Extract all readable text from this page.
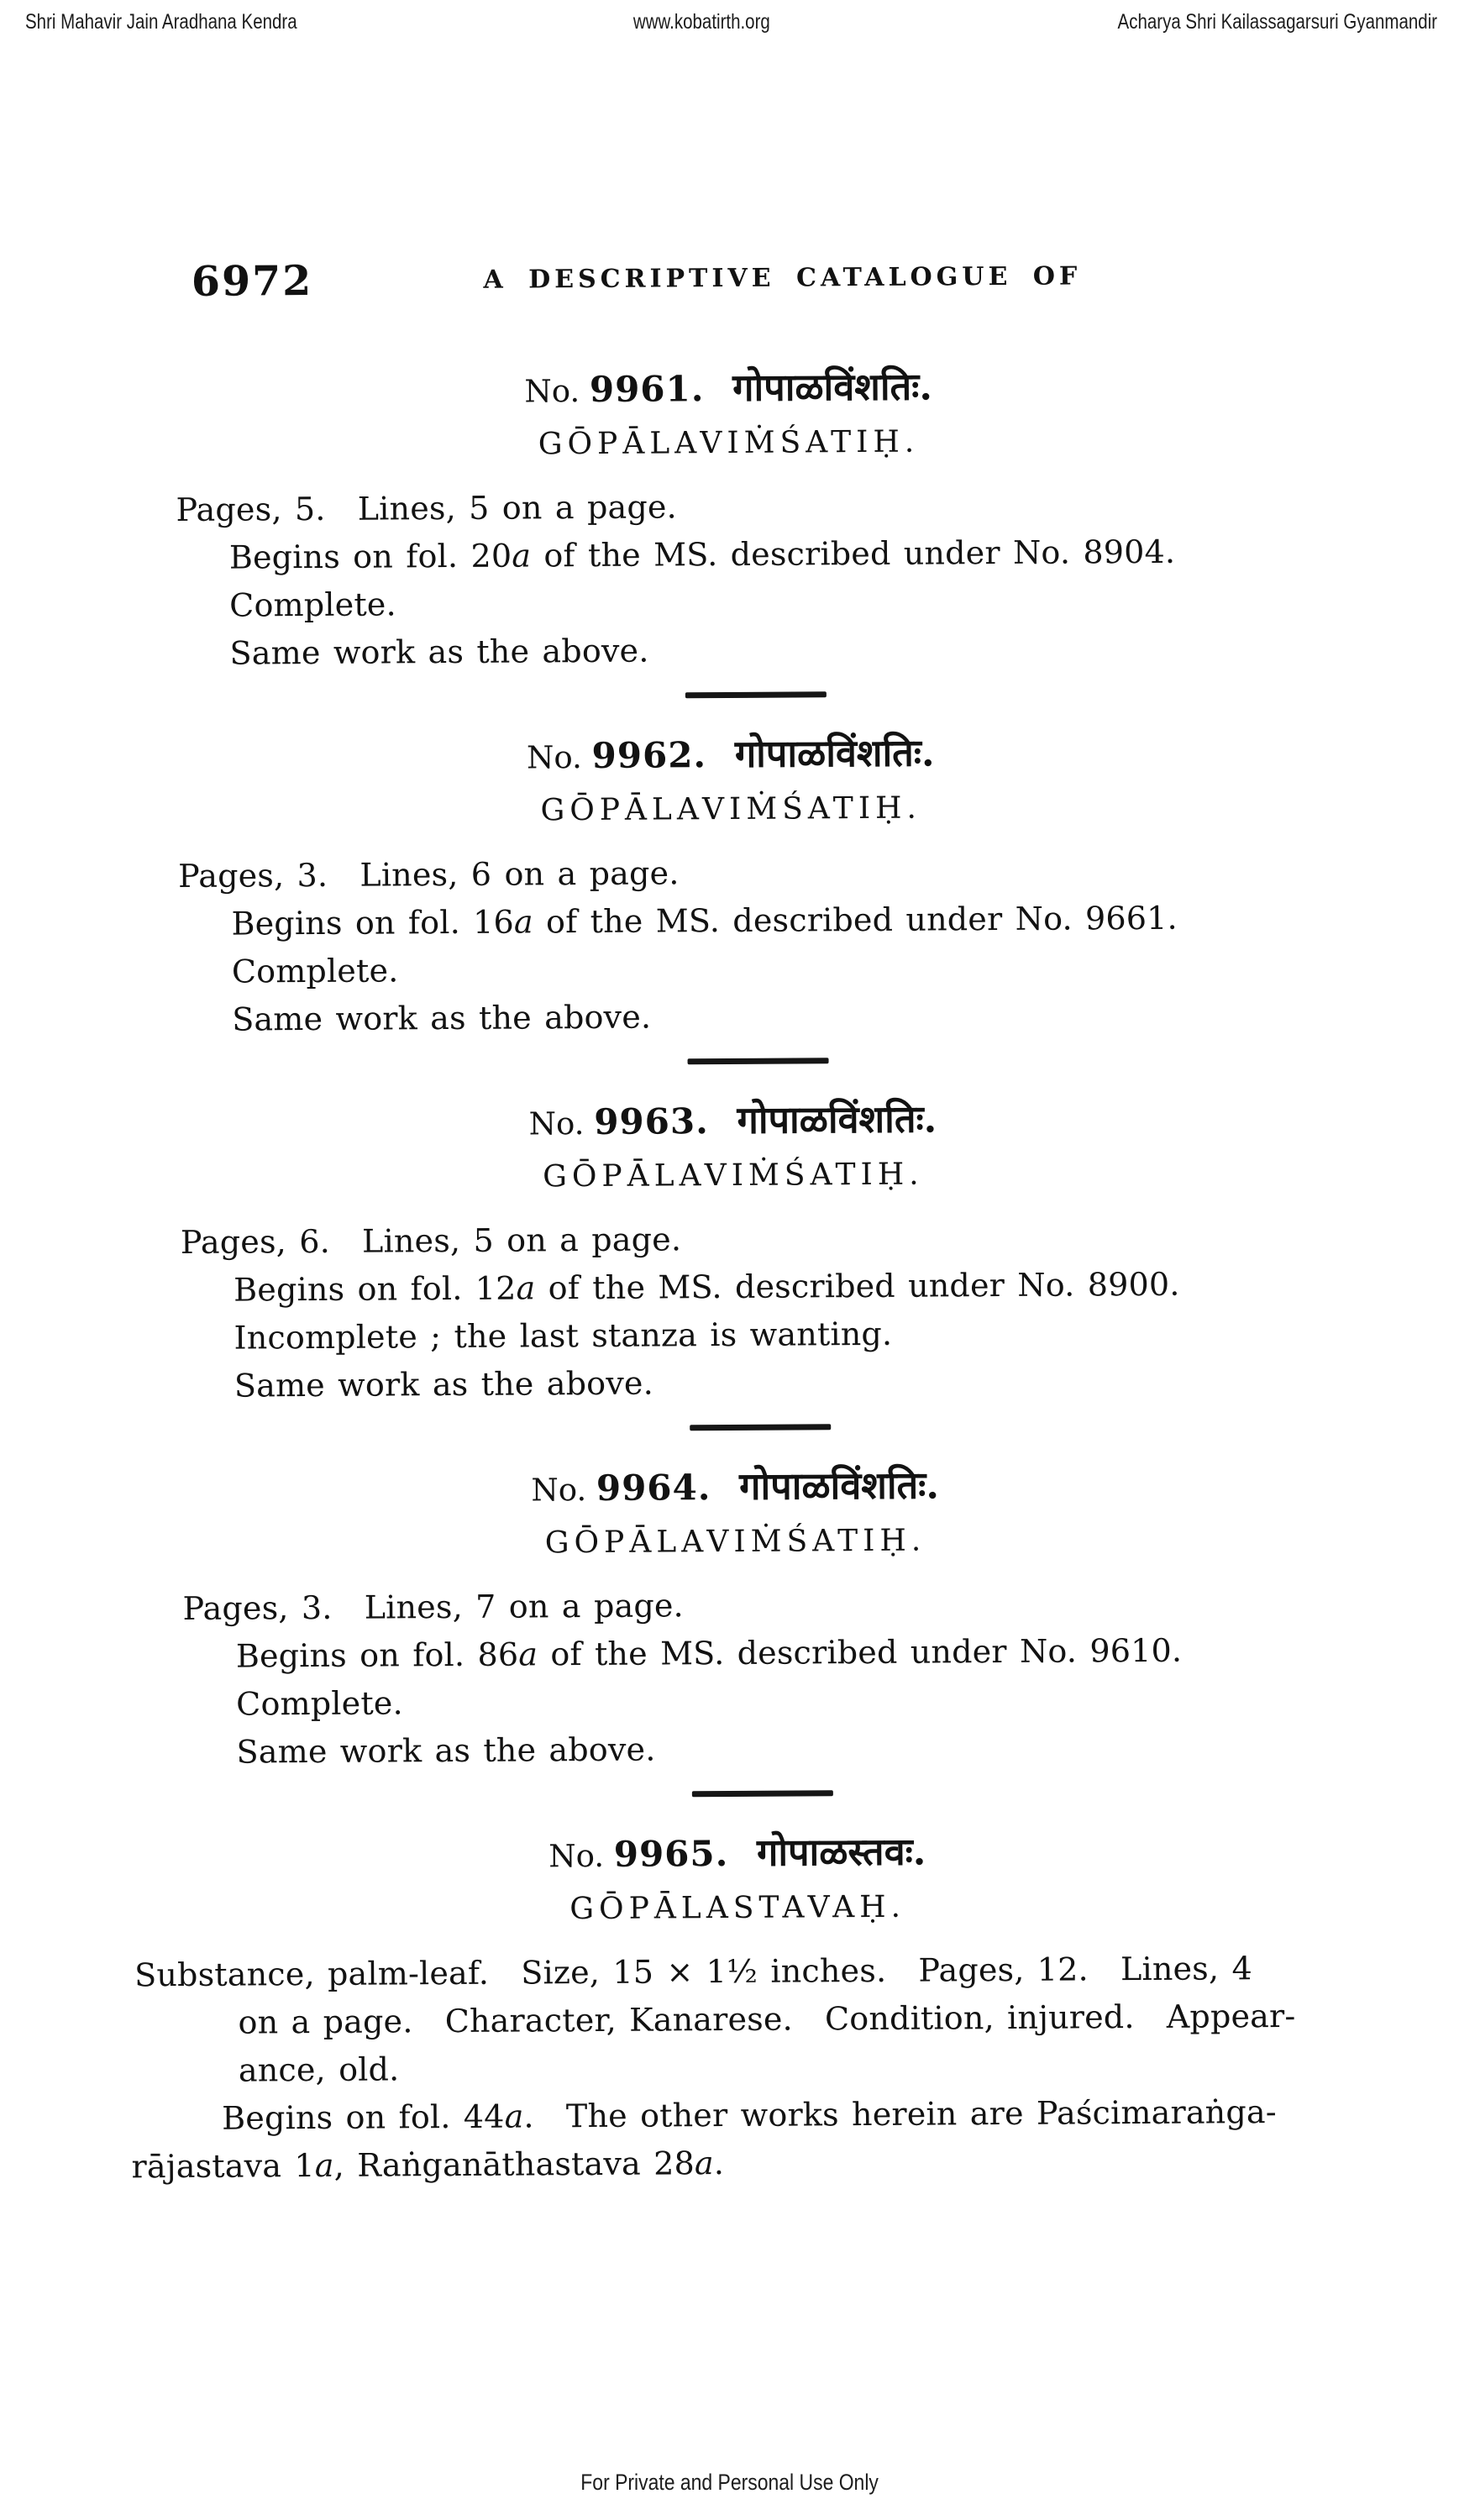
Shri Mahavir Jain Aradhana Kendra	www.kobatirth.org	Acharya Shri Kailassagarsuri Gyanmandir
6972	A DESCRIPTIVE CATALOGUE OF
No. 9961. गोपाळविंशतिः.
GŌPĀLAVIṀŚATIḤ.

Pages, 5. Lines, 5 on a page.

Begins on fol. 20a of the MS. described under No. 8904.

Complete.

Same work as the above.

No. 9962. गोपाळविंशतिः.
GŌPĀLAVIṀŚATIḤ.

Pages, 3. Lines, 6 on a page.

Begins on fol. 16a of the MS. described under No. 9661.

Complete.

Same work as the above.

No. 9963. गोपाळविंशतिः.
GŌPĀLAVIṀŚATIḤ.

Pages, 6. Lines, 5 on a page.

Begins on fol. 12a of the MS. described under No. 8900.

Incomplete ; the last stanza is wanting.

Same work as the above.

No. 9964. गोपाळविंशतिः.
GŌPĀLAVIṀŚATIḤ.

Pages, 3. Lines, 7 on a page.

Begins on fol. 86a of the MS. described under No. 9610.

Complete.

Same work as the above.

No. 9965. गोपाळस्तवः.
GŌPĀLASTAVAḤ.

Substance, palm-leaf. Size, 15 × 1½ inches. Pages, 12. Lines, 4

on a page. Character, Kanarese. Condition, injured. Appear-

ance, old.

Begins on fol. 44a. The other works herein are Paścimaraṅga-

rājastava 1a, Raṅganāthastava 28a.

For Private and Personal Use Only
